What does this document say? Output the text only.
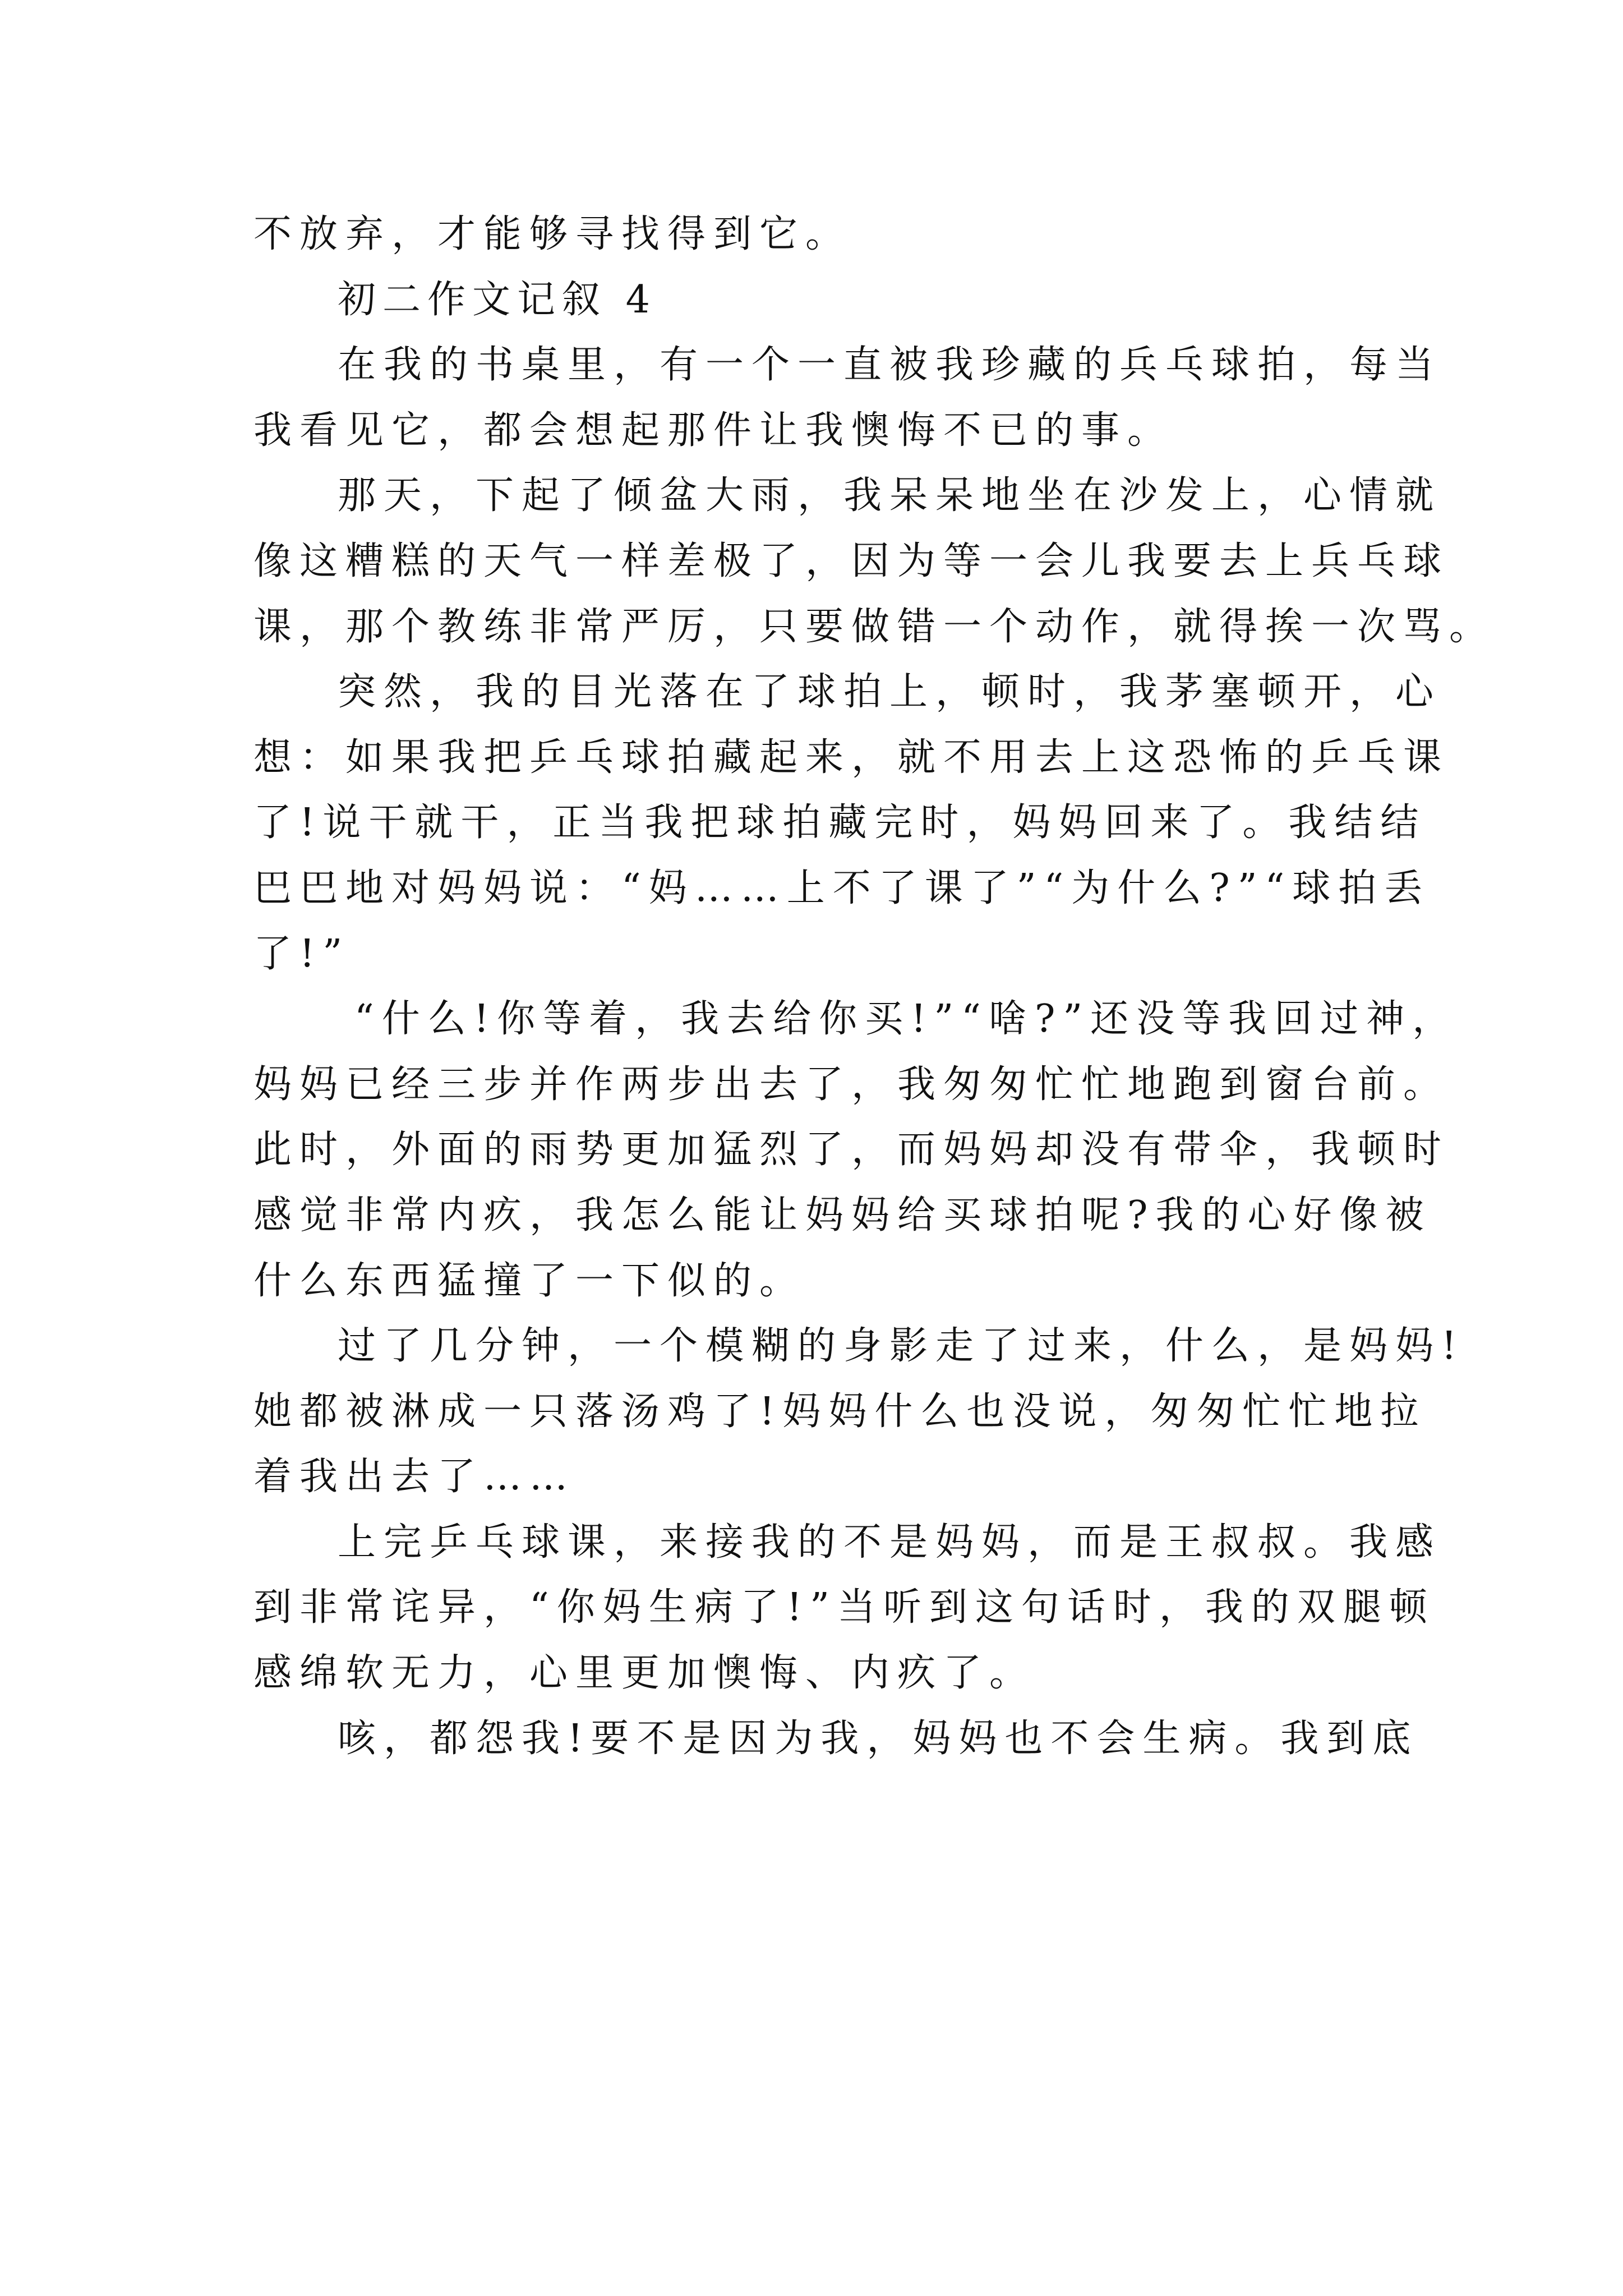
不放弃，才能够寻找得到它。
初二作文记叙 4
在我的书桌里，有一个一直被我珍藏的兵乓球拍，每当
我看见它，都会想起那件让我懊悔不已的事。
那天，下起了倾盆大雨，我呆呆地坐在沙发上，心情就
像这糟糕的天气一样差极了，因为等一会儿我要去上兵乓球
课，那个教练非常严厉，只要做错一个动作，就得挨一次骂。
突然，我的目光落在了球拍上，顿时，我茅塞顿开，心
想：如果我把乒乓球拍藏起来，就不用去上这恐怖的乒乓课
了!说干就干，正当我把球拍藏完时，妈妈回来了。我结结
巴巴地对妈妈说：“妈……上不了课了”“为什么?”“球拍丢
了!”
“什么!你等着，我去给你买!”“啥?”还没等我回过神，
妈妈已经三步并作两步出去了，我匆匆忙忙地跑到窗台前。
此时，外面的雨势更加猛烈了，而妈妈却没有带伞，我顿时
感觉非常内疚，我怎么能让妈妈给买球拍呢?我的心好像被
什么东西猛撞了一下似的。
过了几分钟，一个模糊的身影走了过来，什么，是妈妈!
她都被淋成一只落汤鸡了!妈妈什么也没说，匆匆忙忙地拉
着我出去了……
上完乒乓球课，来接我的不是妈妈，而是王叔叔。我感
到非常诧异，“你妈生病了!”当听到这句话时，我的双腿顿
感绵软无力，心里更加懊悔、内疚了。
咳，都怨我!要不是因为我，妈妈也不会生病。我到底
